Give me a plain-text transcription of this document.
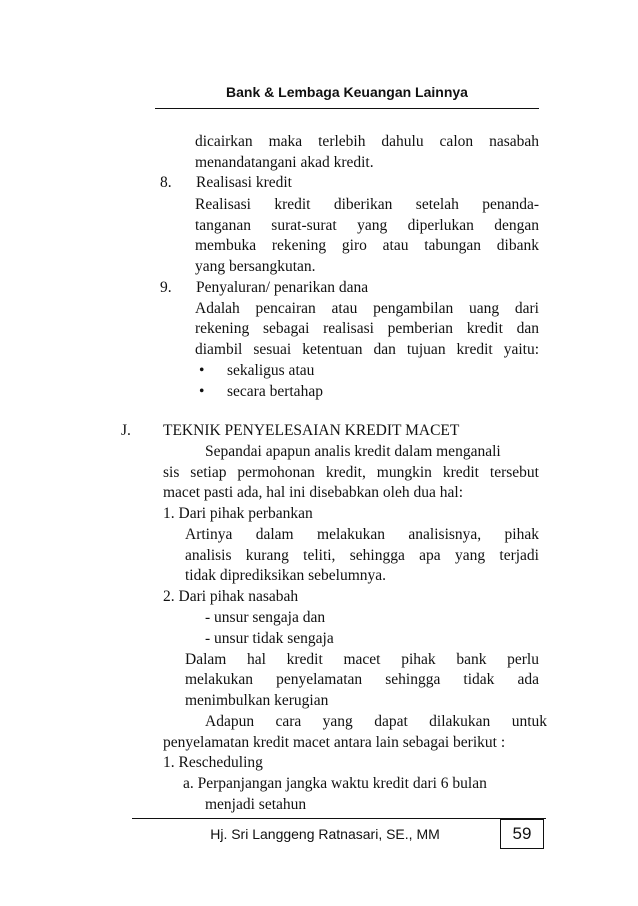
Bank & Lembaga Keuangan Lainnya
dicairkan maka terlebih dahulu calon nasabah
menandatangani akad kredit.
8. Realisasi kredit
Realisasi kredit diberikan setelah penanda-
tanganan surat-surat yang diperlukan dengan
membuka rekening giro atau tabungan dibank
yang bersangkutan.
9. Penyaluran/ penarikan dana
Adalah pencairan atau pengambilan uang dari
rekening sebagai realisasi pemberian kredit dan
diambil sesuai ketentuan dan tujuan kredit yaitu:
• sekaligus atau
• secara bertahap
J. TEKNIK PENYELESAIAN KREDIT MACET
Sepandai apapun analis kredit dalam menganali
sis setiap permohonan kredit, mungkin kredit tersebut
macet pasti ada, hal ini disebabkan oleh dua hal:
1. Dari pihak perbankan
Artinya dalam melakukan analisisnya, pihak
analisis kurang teliti, sehingga apa yang terjadi
tidak diprediksikan sebelumnya.
2. Dari pihak nasabah
- unsur sengaja dan
- unsur tidak sengaja
Dalam hal kredit macet pihak bank perlu
melakukan penyelamatan sehingga tidak ada
menimbulkan kerugian
Adapun cara yang dapat dilakukan untuk
penyelamatan kredit macet antara lain sebagai berikut :
1. Rescheduling
a. Perpanjangan jangka waktu kredit dari 6 bulan
menjadi setahun
Hj. Sri Langgeng Ratnasari, SE., MM	59
